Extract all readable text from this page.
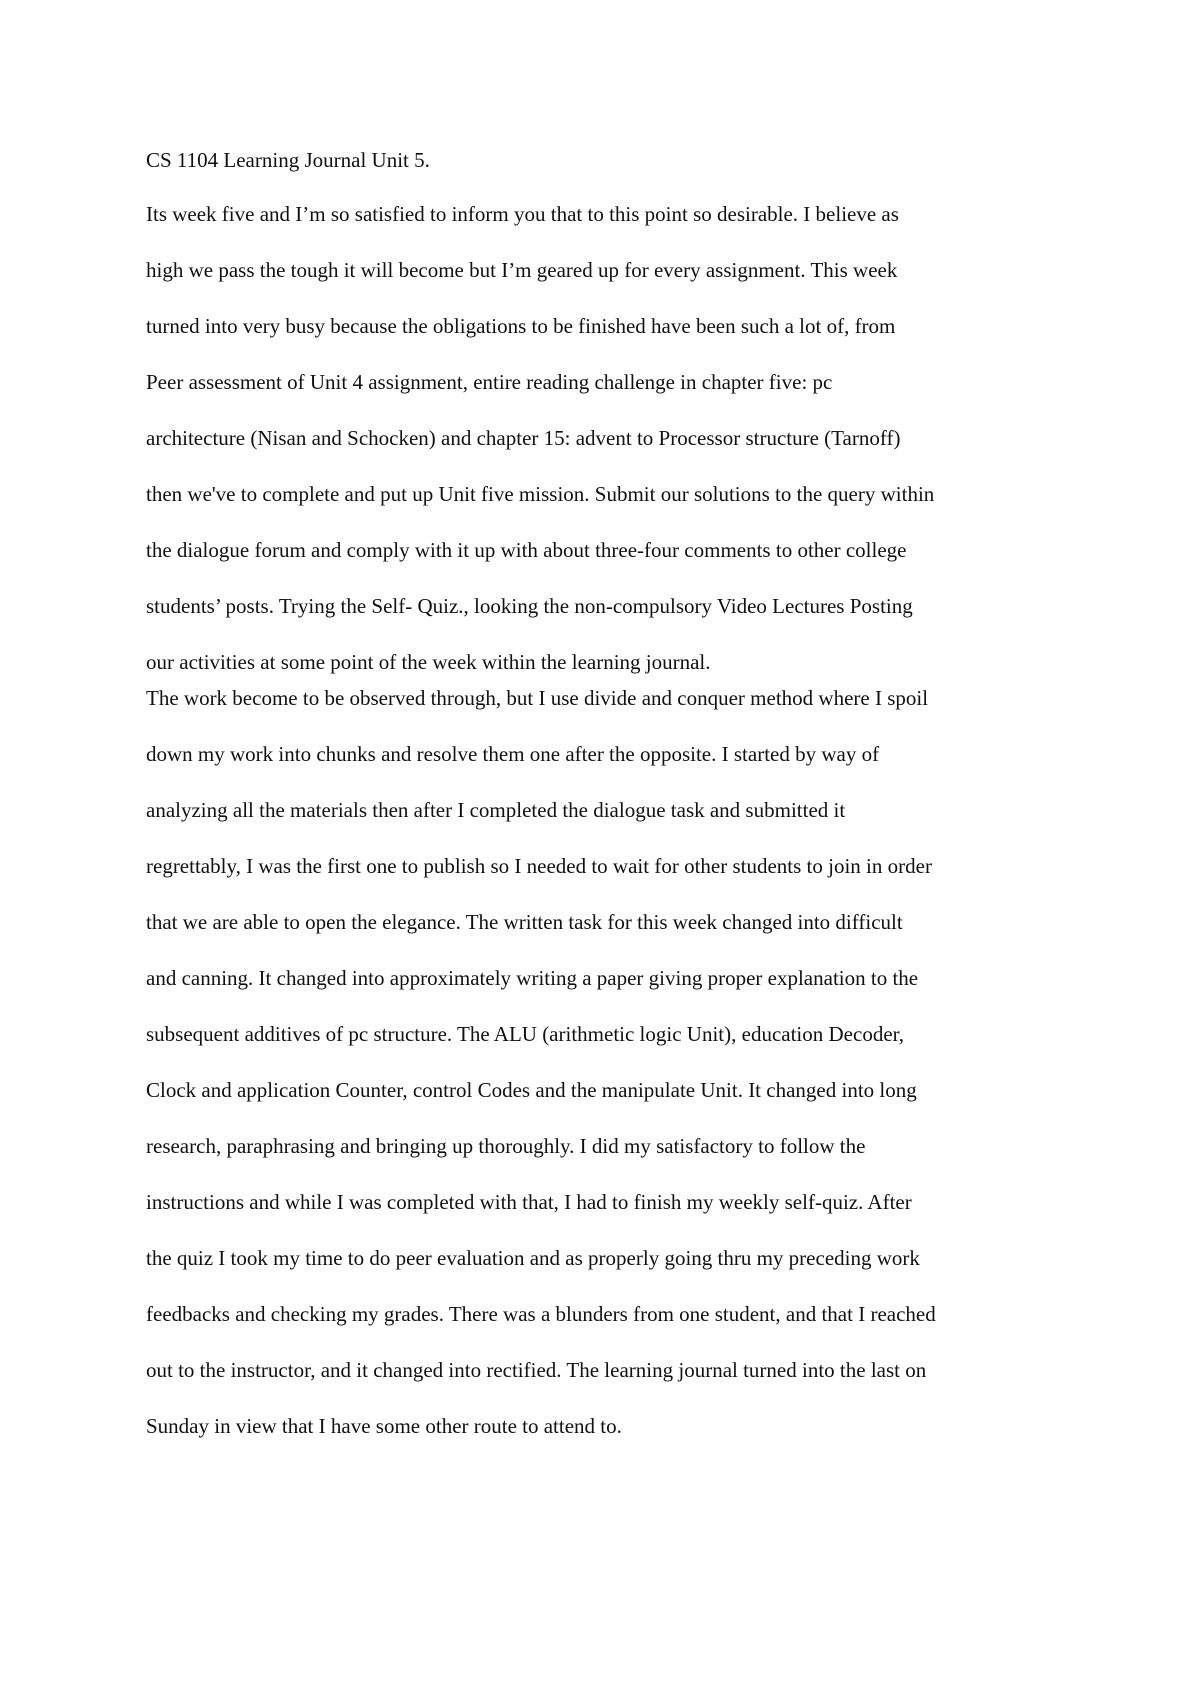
CS 1104 Learning Journal Unit 5.
Its week five and I’m so satisfied to inform you that to this point so desirable. I believe as
high we pass the tough it will become but I’m geared up for every assignment. This week
turned into very busy because the obligations to be finished have been such a lot of, from
Peer assessment of Unit 4 assignment, entire reading challenge in chapter five: pc
architecture (Nisan and Schocken) and chapter 15: advent to Processor structure (Tarnoff)
then we've to complete and put up Unit five mission. Submit our solutions to the query within
the dialogue forum and comply with it up with about three-four comments to other college
students’ posts. Trying the Self- Quiz., looking the non-compulsory Video Lectures Posting
our activities at some point of the week within the learning journal.
The work become to be observed through, but I use divide and conquer method where I spoil
down my work into chunks and resolve them one after the opposite. I started by way of
analyzing all the materials then after I completed the dialogue task and submitted it
regrettably, I was the first one to publish so I needed to wait for other students to join in order
that we are able to open the elegance. The written task for this week changed into difficult
and canning. It changed into approximately writing a paper giving proper explanation to the
subsequent additives of pc structure. The ALU (arithmetic logic Unit), education Decoder,
Clock and application Counter, control Codes and the manipulate Unit. It changed into long
research, paraphrasing and bringing up thoroughly. I did my satisfactory to follow the
instructions and while I was completed with that, I had to finish my weekly self-quiz. After
the quiz I took my time to do peer evaluation and as properly going thru my preceding work
feedbacks and checking my grades. There was a blunders from one student, and that I reached
out to the instructor, and it changed into rectified. The learning journal turned into the last on
Sunday in view that I have some other route to attend to.
